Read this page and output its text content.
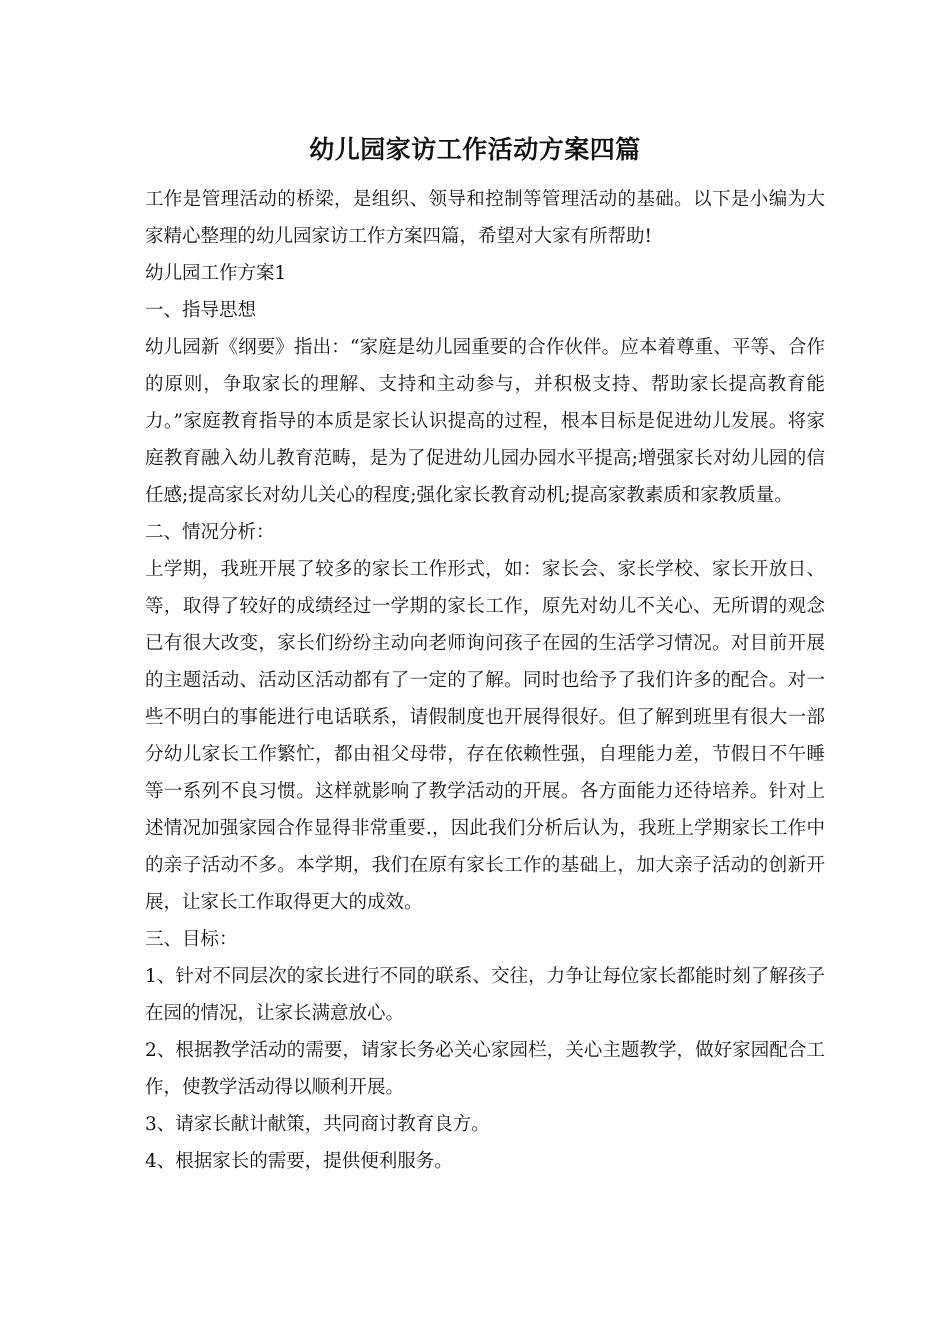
幼儿园家访工作活动方案四篇

工作是管理活动的桥梁，是组织、领导和控制等管理活动的基础。以下是小编为大家精心整理的幼儿园家访工作方案四篇，希望对大家有所帮助!

幼儿园工作方案1

一、指导思想

幼儿园新《纲要》指出：“家庭是幼儿园重要的合作伙伴。应本着尊重、平等、合作的原则，争取家长的理解、支持和主动参与，并积极支持、帮助家长提高教育能力。”家庭教育指导的本质是家长认识提高的过程，根本目标是促进幼儿发展。将家庭教育融入幼儿教育范畴，是为了促进幼儿园办园水平提高;增强家长对幼儿园的信任感;提高家长对幼儿关心的程度;强化家长教育动机;提高家教素质和家教质量。

二、情况分析：

上学期，我班开展了较多的家长工作形式，如：家长会、家长学校、家长开放日、等，取得了较好的成绩经过一学期的家长工作，原先对幼儿不关心、无所谓的观念已有很大改变，家长们纷纷主动向老师询问孩子在园的生活学习情况。对目前开展的主题活动、活动区活动都有了一定的了解。同时也给予了我们许多的配合。对一些不明白的事能进行电话联系，请假制度也开展得很好。但了解到班里有很大一部分幼儿家长工作繁忙，都由祖父母带，存在依赖性强，自理能力差，节假日不午睡等一系列不良习惯。这样就影响了教学活动的开展。各方面能力还待培养。针对上述情况加强家园合作显得非常重要.，因此我们分析后认为，我班上学期家长工作中的亲子活动不多。本学期，我们在原有家长工作的基础上，加大亲子活动的创新开展，让家长工作取得更大的成效。

三、目标：

1、针对不同层次的家长进行不同的联系、交往，力争让每位家长都能时刻了解孩子在园的情况，让家长满意放心。

2、根据教学活动的需要，请家长务必关心家园栏，关心主题教学，做好家园配合工作，使教学活动得以顺利开展。

3、请家长献计献策，共同商讨教育良方。

4、根据家长的需要，提供便利服务。
